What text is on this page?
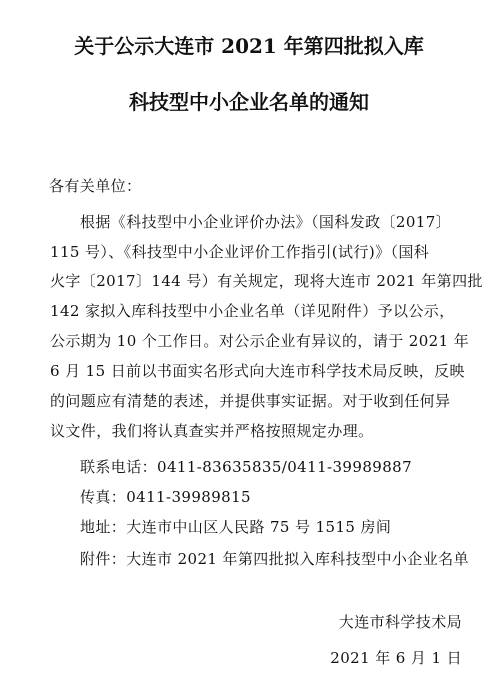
关于公示大连市 2021 年第四批拟入库
科技型中小企业名单的通知
各有关单位：
根据《科技型中小企业评价办法》（国科发政〔2017〕
115 号）、《科技型中小企业评价工作指引(试行)》（国科
火字〔2017〕144 号）有关规定，现将大连市 2021 年第四批
142 家拟入库科技型中小企业名单（详见附件）予以公示，
公示期为 10 个工作日。对公示企业有异议的，请于 2021 年
6 月 15 日前以书面实名形式向大连市科学技术局反映，反映
的问题应有清楚的表述，并提供事实证据。对于收到任何异
议文件，我们将认真查实并严格按照规定办理。
联系电话：0411-83635835/0411-39989887
传真：0411-39989815
地址：大连市中山区人民路 75 号 1515 房间
附件：大连市 2021 年第四批拟入库科技型中小企业名单
大连市科学技术局
2021 年 6 月 1 日
